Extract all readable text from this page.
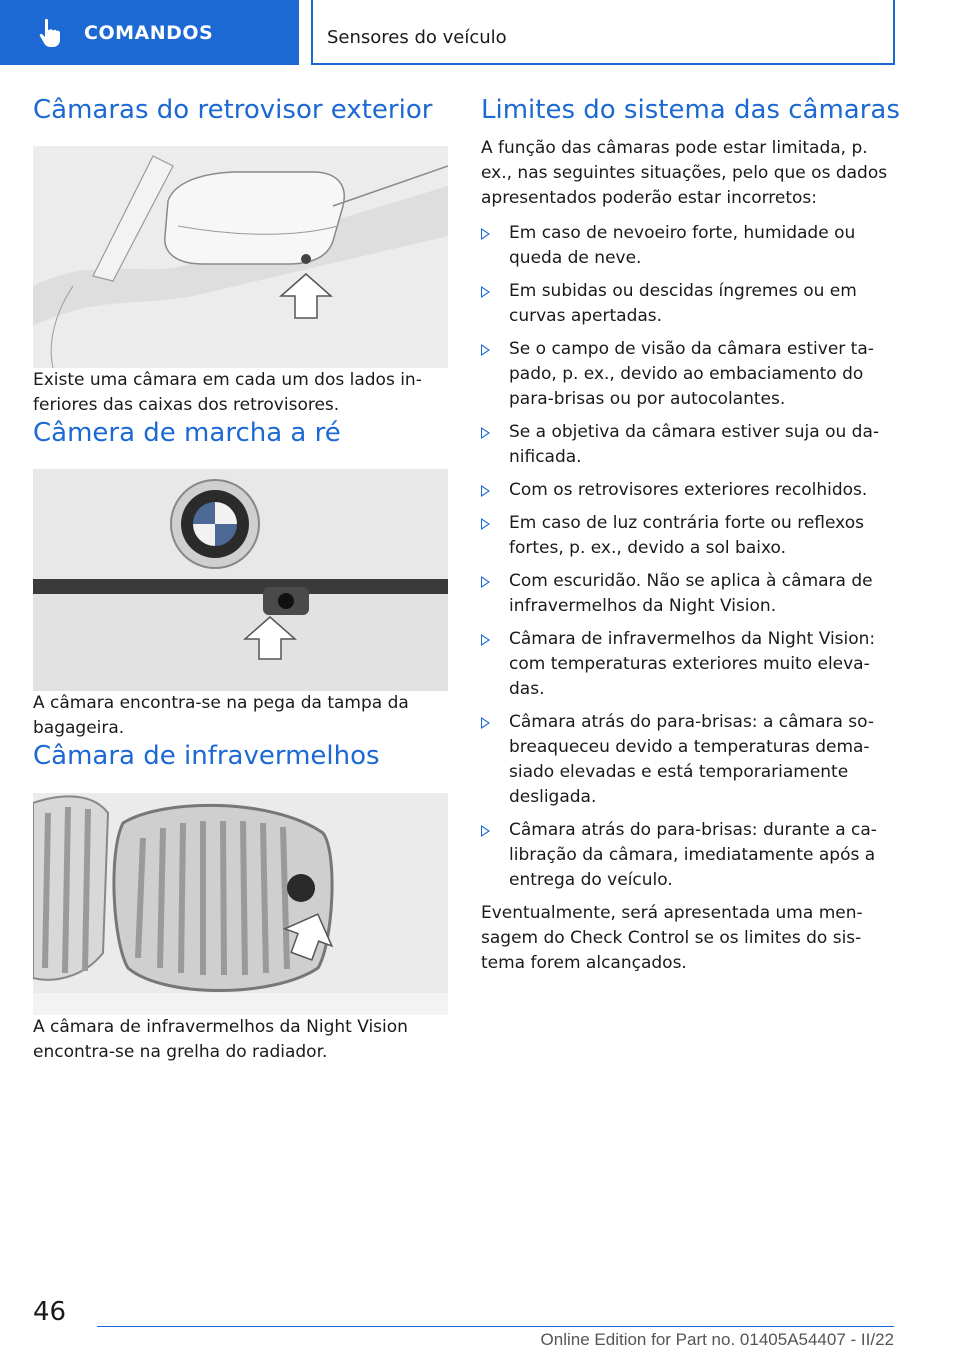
COMANDOS	Sensores do veículo
Câmaras do retrovisor exterior

Existe uma câmara em cada um dos lados in-feriores das caixas dos retrovisores.

Câmera de marcha a ré

A câmara encontra-se na pega da tampa da bagageira.

Câmara de infravermelhos

A câmara de infravermelhos da Night Vision encontra-se na grelha do radiador.

Limites do sistema das câmaras

A função das câmaras pode estar limitada, p. ex., nas seguintes situações, pelo que os dados apresentados poderão estar incorretos:

Em caso de nevoeiro forte, humidade ou queda de neve.
Em subidas ou descidas íngremes ou em curvas apertadas.
Se o campo de visão da câmara estiver ta-pado, p. ex., devido ao embaciamento do para-brisas ou por autocolantes.
Se a objetiva da câmara estiver suja ou da-nificada.
Com os retrovisores exteriores recolhidos.
Em caso de luz contrária forte ou reflexos fortes, p. ex., devido a sol baixo.
Com escuridão. Não se aplica à câmara de infravermelhos da Night Vision.
Câmara de infravermelhos da Night Vision: com temperaturas exteriores muito eleva-das.
Câmara atrás do para-brisas: a câmara so-breaqueceu devido a temperaturas dema-siado elevadas e está temporariamente desligada.
Câmara atrás do para-brisas: durante a ca-libração da câmara, imediatamente após a entrega do veículo.

Eventualmente, será apresentada uma men-sagem do Check Control se os limites do sis-tema forem alcançados.

46
Online Edition for Part no. 01405A54407 - II/22
